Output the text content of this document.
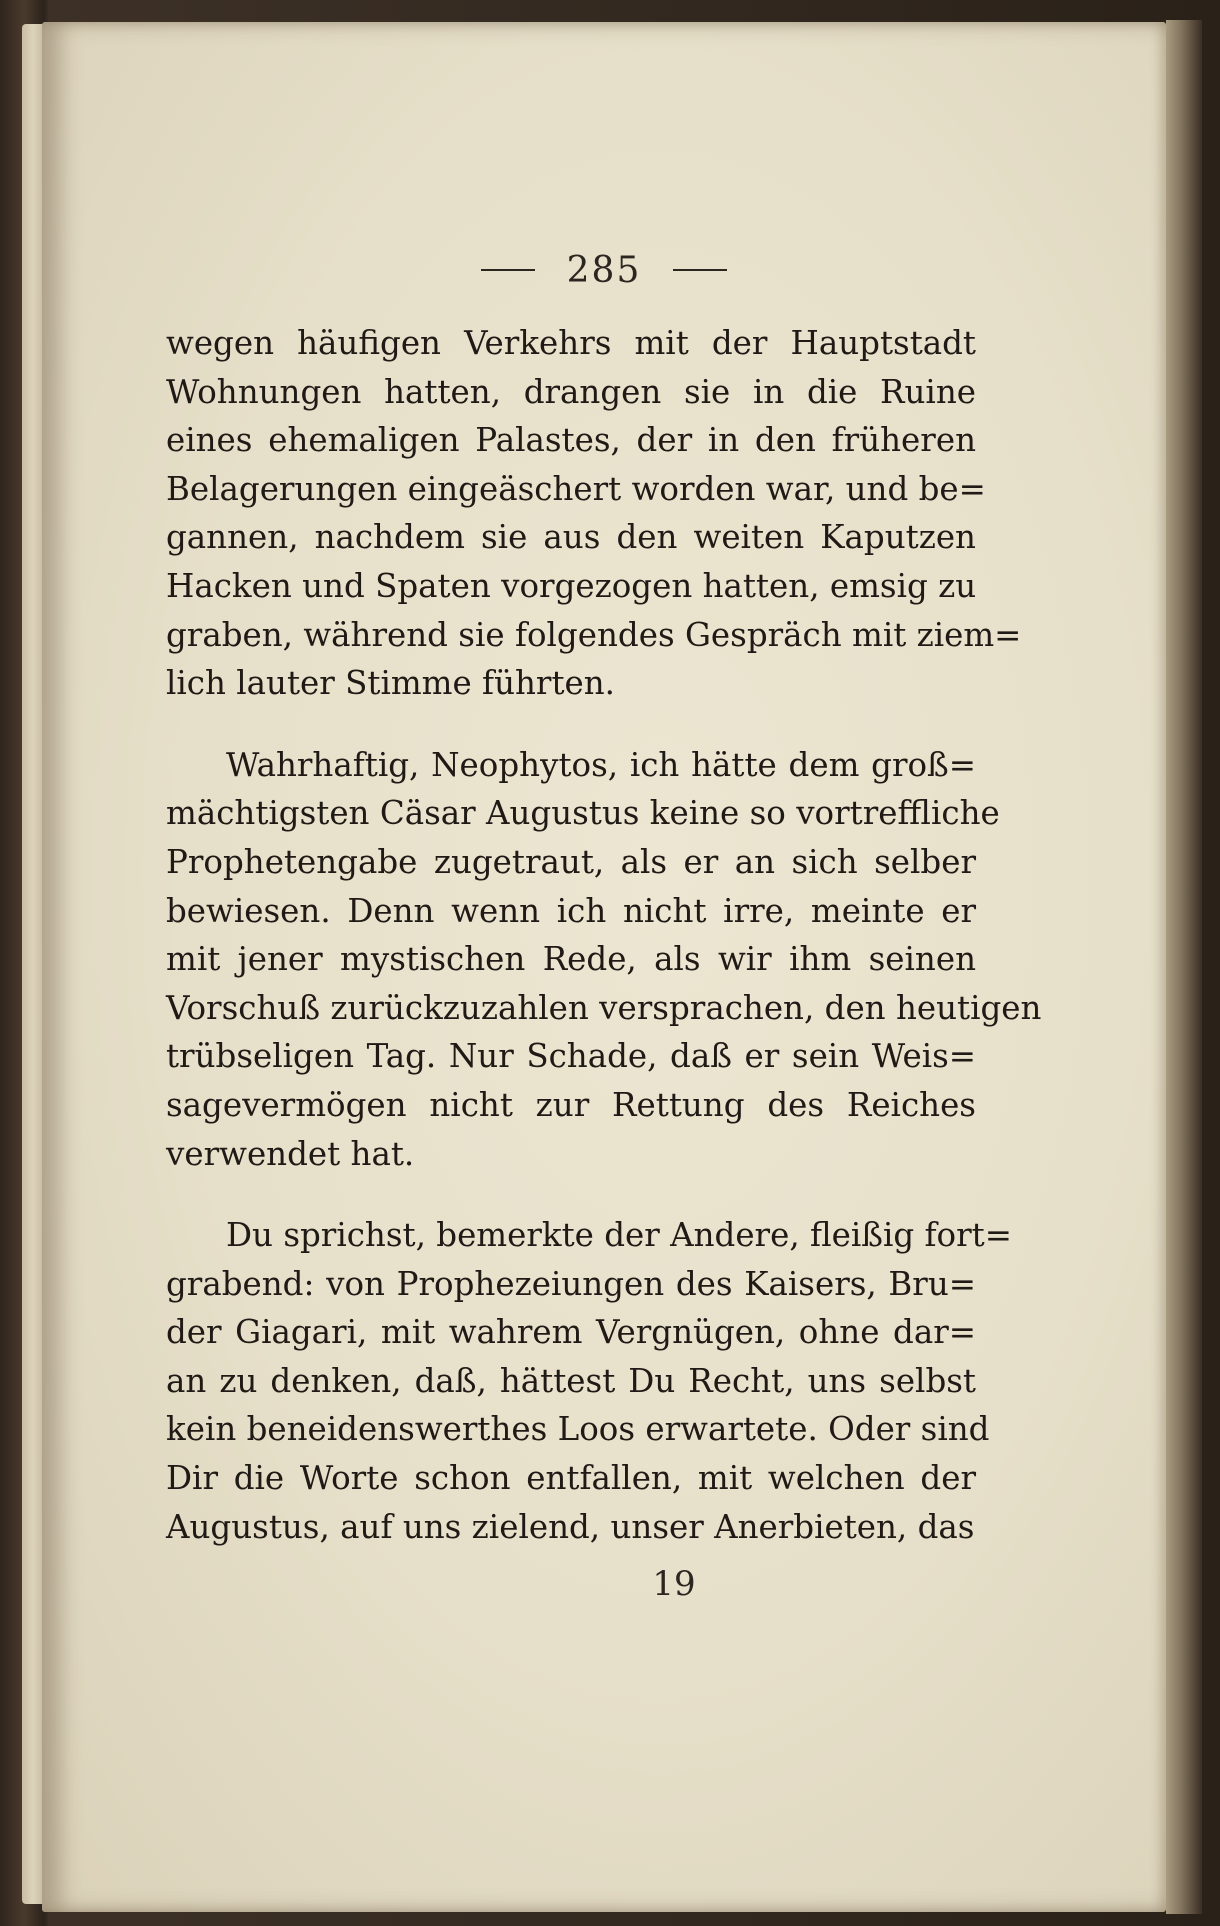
285
wegen häufigen Verkehrs mit der Hauptstadt
Wohnungen hatten, drangen sie in die Ruine
eines ehemaligen Palastes, der in den früheren
Belagerungen eingeäschert worden war, und be=
gannen, nachdem sie aus den weiten Kaputzen
Hacken und Spaten vorgezogen hatten, emsig zu
graben, während sie folgendes Gespräch mit ziem=
lich lauter Stimme führten.
Wahrhaftig, Neophytos, ich hätte dem groß=
mächtigsten Cäsar Augustus keine so vortreffliche
Prophetengabe zugetraut, als er an sich selber
bewiesen. Denn wenn ich nicht irre, meinte er
mit jener mystischen Rede, als wir ihm seinen
Vorschuß zurückzuzahlen versprachen, den heutigen
trübseligen Tag. Nur Schade, daß er sein Weis=
sagevermögen nicht zur Rettung des Reiches
verwendet hat.
Du sprichst, bemerkte der Andere, fleißig fort=
grabend: von Prophezeiungen des Kaisers, Bru=
der Giagari, mit wahrem Vergnügen, ohne dar=
an zu denken, daß, hättest Du Recht, uns selbst
kein beneidenswerthes Loos erwartete. Oder sind
Dir die Worte schon entfallen, mit welchen der
Augustus, auf uns zielend, unser Anerbieten, das
19
